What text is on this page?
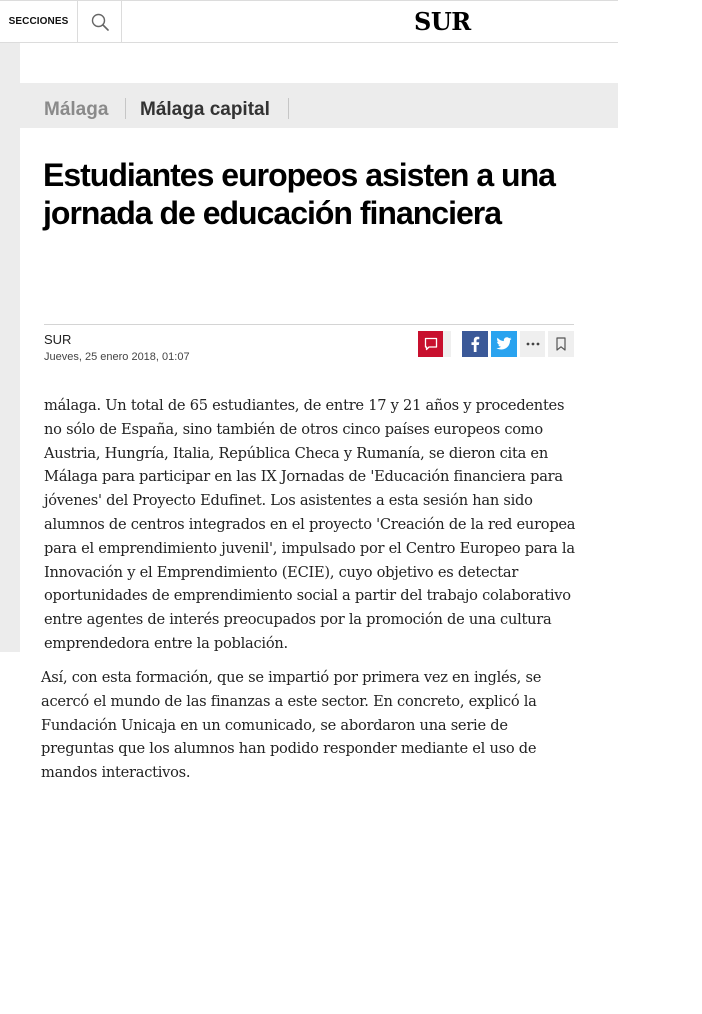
SECCIONES	SUR
Málaga Málaga capital
Estudiantes europeos asisten a una jornada de educación financiera
SUR
Jueves, 25 enero 2018, 01:07

málaga. Un total de 65 estudiantes, de entre 17 y 21 años y procedentes no sólo de España, sino también de otros cinco países europeos como Austria, Hungría, Italia, República Checa y Rumanía, se dieron cita en Málaga para participar en las IX Jornadas de 'Educación financiera para jóvenes' del Proyecto Edufinet. Los asistentes a esta sesión han sido alumnos de centros integrados en el proyecto 'Creación de la red europea para el emprendimiento juvenil', impulsado por el Centro Europeo para la Innovación y el Emprendimiento (ECIE), cuyo objetivo es detectar oportunidades de emprendimiento social a partir del trabajo colaborativo entre agentes de interés preocupados por la promoción de una cultura emprendedora entre la población.

Así, con esta formación, que se impartió por primera vez en inglés, se acercó el mundo de las finanzas a este sector. En concreto, explicó la Fundación Unicaja en un comunicado, se abordaron una serie de preguntas que los alumnos han podido responder mediante el uso de mandos interactivos.
